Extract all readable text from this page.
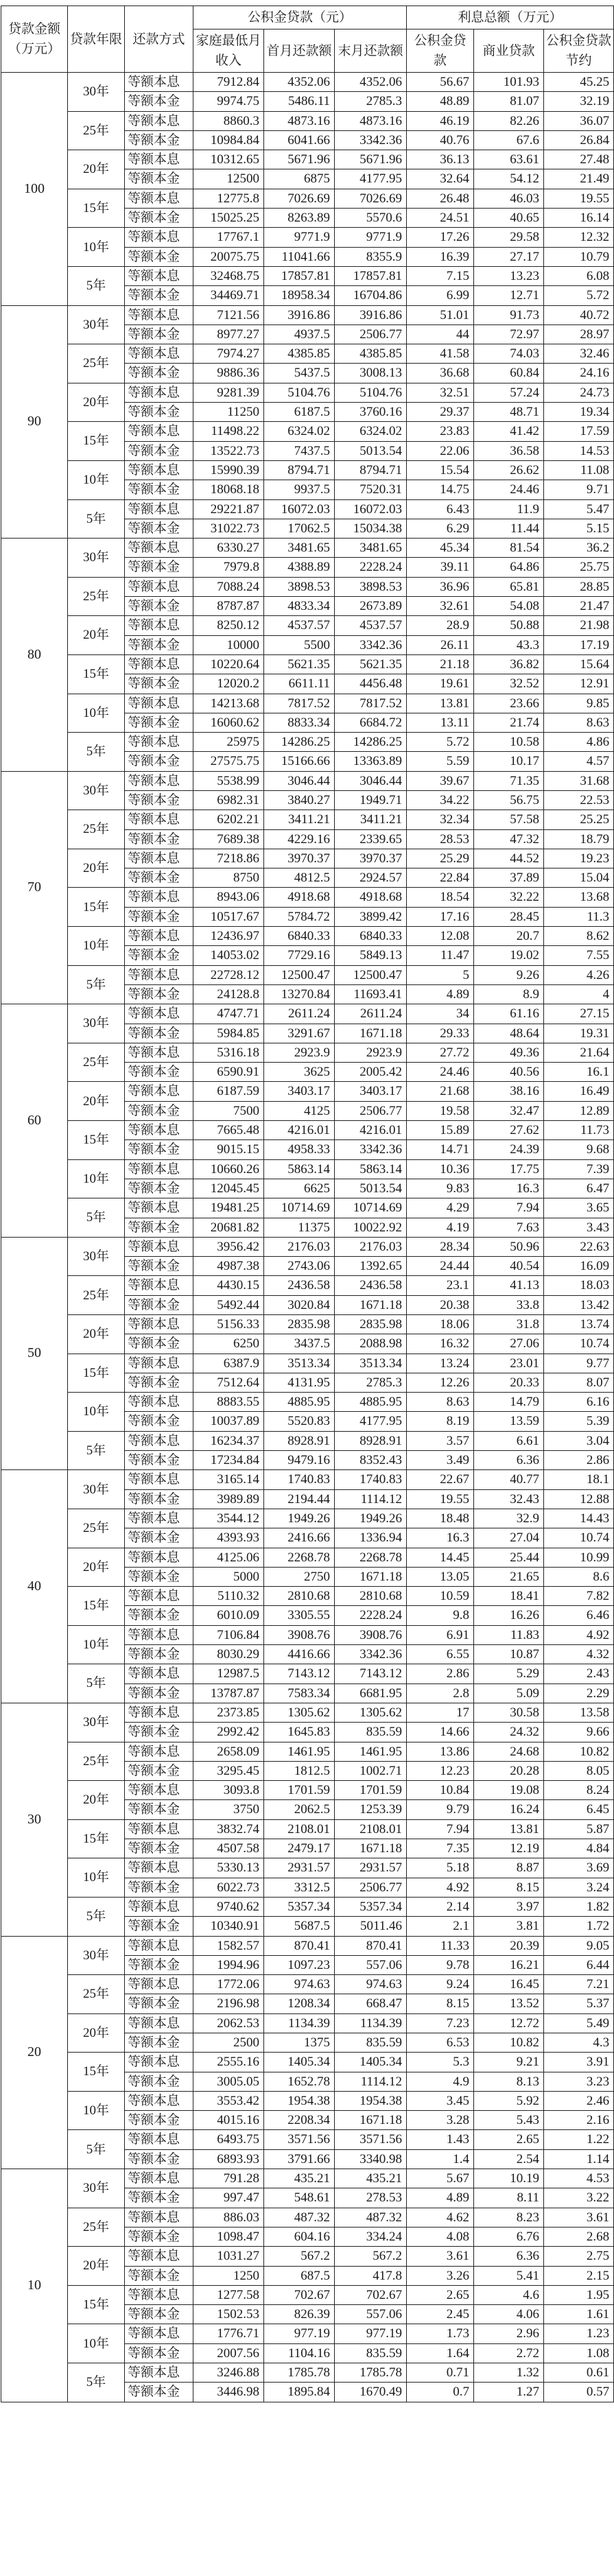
贷款金额（万元）	贷款年限	还款方式	公积金贷款（元）			利息总额（万元）		
			家庭最低月收入	首月还款额	末月还款额	公积金贷款	商业贷款	公积金贷款节约
100	30年	等额本息	7912.84	4352.06	4352.06	56.67	101.93	45.25
		等额本金	9974.75	5486.11	2785.3	48.89	81.07	32.19
	25年	等额本息	8860.3	4873.16	4873.16	46.19	82.26	36.07
		等额本金	10984.84	6041.66	3342.36	40.76	67.6	26.84
	20年	等额本息	10312.65	5671.96	5671.96	36.13	63.61	27.48
		等额本金	12500	6875	4177.95	32.64	54.12	21.49
	15年	等额本息	12775.8	7026.69	7026.69	26.48	46.03	19.55
		等额本金	15025.25	8263.89	5570.6	24.51	40.65	16.14
	10年	等额本息	17767.1	9771.9	9771.9	17.26	29.58	12.32
		等额本金	20075.75	11041.66	8355.9	16.39	27.17	10.79
	5年	等额本息	32468.75	17857.81	17857.81	7.15	13.23	6.08
		等额本金	34469.71	18958.34	16704.86	6.99	12.71	5.72
90	30年	等额本息	7121.56	3916.86	3916.86	51.01	91.73	40.72
		等额本金	8977.27	4937.5	2506.77	44	72.97	28.97
	25年	等额本息	7974.27	4385.85	4385.85	41.58	74.03	32.46
		等额本金	9886.36	5437.5	3008.13	36.68	60.84	24.16
	20年	等额本息	9281.39	5104.76	5104.76	32.51	57.24	24.73
		等额本金	11250	6187.5	3760.16	29.37	48.71	19.34
	15年	等额本息	11498.22	6324.02	6324.02	23.83	41.42	17.59
		等额本金	13522.73	7437.5	5013.54	22.06	36.58	14.53
	10年	等额本息	15990.39	8794.71	8794.71	15.54	26.62	11.08
		等额本金	18068.18	9937.5	7520.31	14.75	24.46	9.71
	5年	等额本息	29221.87	16072.03	16072.03	6.43	11.9	5.47
		等额本金	31022.73	17062.5	15034.38	6.29	11.44	5.15
80	30年	等额本息	6330.27	3481.65	3481.65	45.34	81.54	36.2
		等额本金	7979.8	4388.89	2228.24	39.11	64.86	25.75
	25年	等额本息	7088.24	3898.53	3898.53	36.96	65.81	28.85
		等额本金	8787.87	4833.34	2673.89	32.61	54.08	21.47
	20年	等额本息	8250.12	4537.57	4537.57	28.9	50.88	21.98
		等额本金	10000	5500	3342.36	26.11	43.3	17.19
	15年	等额本息	10220.64	5621.35	5621.35	21.18	36.82	15.64
		等额本金	12020.2	6611.11	4456.48	19.61	32.52	12.91
	10年	等额本息	14213.68	7817.52	7817.52	13.81	23.66	9.85
		等额本金	16060.62	8833.34	6684.72	13.11	21.74	8.63
	5年	等额本息	25975	14286.25	14286.25	5.72	10.58	4.86
		等额本金	27575.75	15166.66	13363.89	5.59	10.17	4.57
70	30年	等额本息	5538.99	3046.44	3046.44	39.67	71.35	31.68
		等额本金	6982.31	3840.27	1949.71	34.22	56.75	22.53
	25年	等额本息	6202.21	3411.21	3411.21	32.34	57.58	25.25
		等额本金	7689.38	4229.16	2339.65	28.53	47.32	18.79
	20年	等额本息	7218.86	3970.37	3970.37	25.29	44.52	19.23
		等额本金	8750	4812.5	2924.57	22.84	37.89	15.04
	15年	等额本息	8943.06	4918.68	4918.68	18.54	32.22	13.68
		等额本金	10517.67	5784.72	3899.42	17.16	28.45	11.3
	10年	等额本息	12436.97	6840.33	6840.33	12.08	20.7	8.62
		等额本金	14053.02	7729.16	5849.13	11.47	19.02	7.55
	5年	等额本息	22728.12	12500.47	12500.47	5	9.26	4.26
		等额本金	24128.8	13270.84	11693.41	4.89	8.9	4
60	30年	等额本息	4747.71	2611.24	2611.24	34	61.16	27.15
		等额本金	5984.85	3291.67	1671.18	29.33	48.64	19.31
	25年	等额本息	5316.18	2923.9	2923.9	27.72	49.36	21.64
		等额本金	6590.91	3625	2005.42	24.46	40.56	16.1
	20年	等额本息	6187.59	3403.17	3403.17	21.68	38.16	16.49
		等额本金	7500	4125	2506.77	19.58	32.47	12.89
	15年	等额本息	7665.48	4216.01	4216.01	15.89	27.62	11.73
		等额本金	9015.15	4958.33	3342.36	14.71	24.39	9.68
	10年	等额本息	10660.26	5863.14	5863.14	10.36	17.75	7.39
		等额本金	12045.45	6625	5013.54	9.83	16.3	6.47
	5年	等额本息	19481.25	10714.69	10714.69	4.29	7.94	3.65
		等额本金	20681.82	11375	10022.92	4.19	7.63	3.43
50	30年	等额本息	3956.42	2176.03	2176.03	28.34	50.96	22.63
		等额本金	4987.38	2743.06	1392.65	24.44	40.54	16.09
	25年	等额本息	4430.15	2436.58	2436.58	23.1	41.13	18.03
		等额本金	5492.44	3020.84	1671.18	20.38	33.8	13.42
	20年	等额本息	5156.33	2835.98	2835.98	18.06	31.8	13.74
		等额本金	6250	3437.5	2088.98	16.32	27.06	10.74
	15年	等额本息	6387.9	3513.34	3513.34	13.24	23.01	9.77
		等额本金	7512.64	4131.95	2785.3	12.26	20.33	8.07
	10年	等额本息	8883.55	4885.95	4885.95	8.63	14.79	6.16
		等额本金	10037.89	5520.83	4177.95	8.19	13.59	5.39
	5年	等额本息	16234.37	8928.91	8928.91	3.57	6.61	3.04
		等额本金	17234.84	9479.16	8352.43	3.49	6.36	2.86
40	30年	等额本息	3165.14	1740.83	1740.83	22.67	40.77	18.1
		等额本金	3989.89	2194.44	1114.12	19.55	32.43	12.88
	25年	等额本息	3544.12	1949.26	1949.26	18.48	32.9	14.43
		等额本金	4393.93	2416.66	1336.94	16.3	27.04	10.74
	20年	等额本息	4125.06	2268.78	2268.78	14.45	25.44	10.99
		等额本金	5000	2750	1671.18	13.05	21.65	8.6
	15年	等额本息	5110.32	2810.68	2810.68	10.59	18.41	7.82
		等额本金	6010.09	3305.55	2228.24	9.8	16.26	6.46
	10年	等额本息	7106.84	3908.76	3908.76	6.91	11.83	4.92
		等额本金	8030.29	4416.66	3342.36	6.55	10.87	4.32
	5年	等额本息	12987.5	7143.12	7143.12	2.86	5.29	2.43
		等额本金	13787.87	7583.34	6681.95	2.8	5.09	2.29
30	30年	等额本息	2373.85	1305.62	1305.62	17	30.58	13.58
		等额本金	2992.42	1645.83	835.59	14.66	24.32	9.66
	25年	等额本息	2658.09	1461.95	1461.95	13.86	24.68	10.82
		等额本金	3295.45	1812.5	1002.71	12.23	20.28	8.05
	20年	等额本息	3093.8	1701.59	1701.59	10.84	19.08	8.24
		等额本金	3750	2062.5	1253.39	9.79	16.24	6.45
	15年	等额本息	3832.74	2108.01	2108.01	7.94	13.81	5.87
		等额本金	4507.58	2479.17	1671.18	7.35	12.19	4.84
	10年	等额本息	5330.13	2931.57	2931.57	5.18	8.87	3.69
		等额本金	6022.73	3312.5	2506.77	4.92	8.15	3.24
	5年	等额本息	9740.62	5357.34	5357.34	2.14	3.97	1.82
		等额本金	10340.91	5687.5	5011.46	2.1	3.81	1.72
20	30年	等额本息	1582.57	870.41	870.41	11.33	20.39	9.05
		等额本金	1994.96	1097.23	557.06	9.78	16.21	6.44
	25年	等额本息	1772.06	974.63	974.63	9.24	16.45	7.21
		等额本金	2196.98	1208.34	668.47	8.15	13.52	5.37
	20年	等额本息	2062.53	1134.39	1134.39	7.23	12.72	5.49
		等额本金	2500	1375	835.59	6.53	10.82	4.3
	15年	等额本息	2555.16	1405.34	1405.34	5.3	9.21	3.91
		等额本金	3005.05	1652.78	1114.12	4.9	8.13	3.23
	10年	等额本息	3553.42	1954.38	1954.38	3.45	5.92	2.46
		等额本金	4015.16	2208.34	1671.18	3.28	5.43	2.16
	5年	等额本息	6493.75	3571.56	3571.56	1.43	2.65	1.22
		等额本金	6893.93	3791.66	3340.98	1.4	2.54	1.14
10	30年	等额本息	791.28	435.21	435.21	5.67	10.19	4.53
		等额本金	997.47	548.61	278.53	4.89	8.11	3.22
	25年	等额本息	886.03	487.32	487.32	4.62	8.23	3.61
		等额本金	1098.47	604.16	334.24	4.08	6.76	2.68
	20年	等额本息	1031.27	567.2	567.2	3.61	6.36	2.75
		等额本金	1250	687.5	417.8	3.26	5.41	2.15
	15年	等额本息	1277.58	702.67	702.67	2.65	4.6	1.95
		等额本金	1502.53	826.39	557.06	2.45	4.06	1.61
	10年	等额本息	1776.71	977.19	977.19	1.73	2.96	1.23
		等额本金	2007.56	1104.16	835.59	1.64	2.72	1.08
	5年	等额本息	3246.88	1785.78	1785.78	0.71	1.32	0.61
		等额本金	3446.98	1895.84	1670.49	0.7	1.27	0.57
